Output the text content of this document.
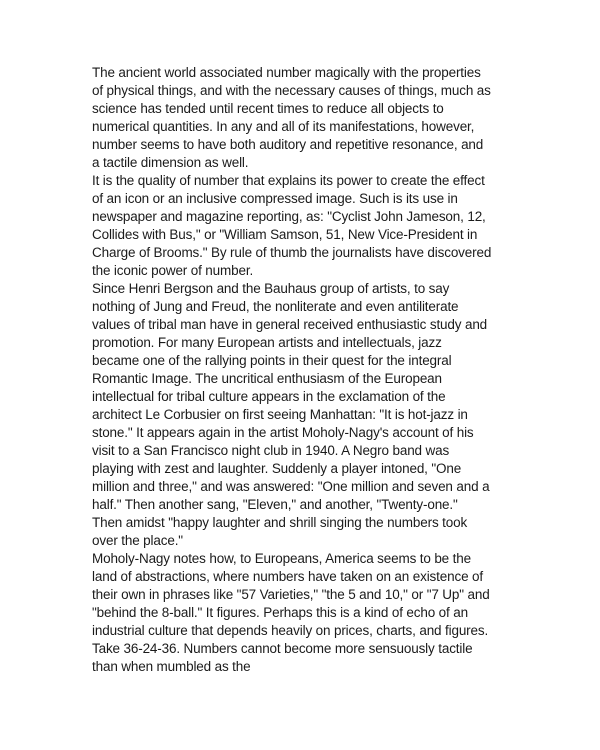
The ancient world associated number magically with the properties
of physical things, and with the necessary causes of things, much as
science has tended until recent times to reduce all objects to
numerical quantities. In any and all of its manifestations, however,
number seems to have both auditory and repetitive resonance, and
a tactile dimension as well.
It is the quality of number that explains its power to create the effect
of an icon or an inclusive compressed image. Such is its use in
newspaper and magazine reporting, as: "Cyclist John Jameson, 12,
Collides with Bus," or "William Samson, 51, New Vice-President in
Charge of Brooms." By rule of thumb the journalists have discovered
the iconic power of number.
Since Henri Bergson and the Bauhaus group of artists, to say
nothing of Jung and Freud, the nonliterate and even antiliterate
values of tribal man have in general received enthusiastic study and
promotion. For many European artists and intellectuals, jazz
became one of the rallying points in their quest for the integral
Romantic Image. The uncritical enthusiasm of the European
intellectual for tribal culture appears in the exclamation of the
architect Le Corbusier on first seeing Manhattan: "It is hot-jazz in
stone." It appears again in the artist Moholy-Nagy's account of his
visit to a San Francisco night club in 1940. A Negro band was
playing with zest and laughter. Suddenly a player intoned, "One
million and three," and was answered: "One million and seven and a
half." Then another sang, "Eleven," and another, "Twenty-one."
Then amidst "happy laughter and shrill singing the numbers took
over the place."
Moholy-Nagy notes how, to Europeans, America seems to be the
land of abstractions, where numbers have taken on an existence of
their own in phrases like "57 Varieties," "the 5 and 10," or "7 Up" and
"behind the 8-ball." It figures. Perhaps this is a kind of echo of an
industrial culture that depends heavily on prices, charts, and figures.
Take 36-24-36. Numbers cannot become more sensuously tactile
than when mumbled as the
